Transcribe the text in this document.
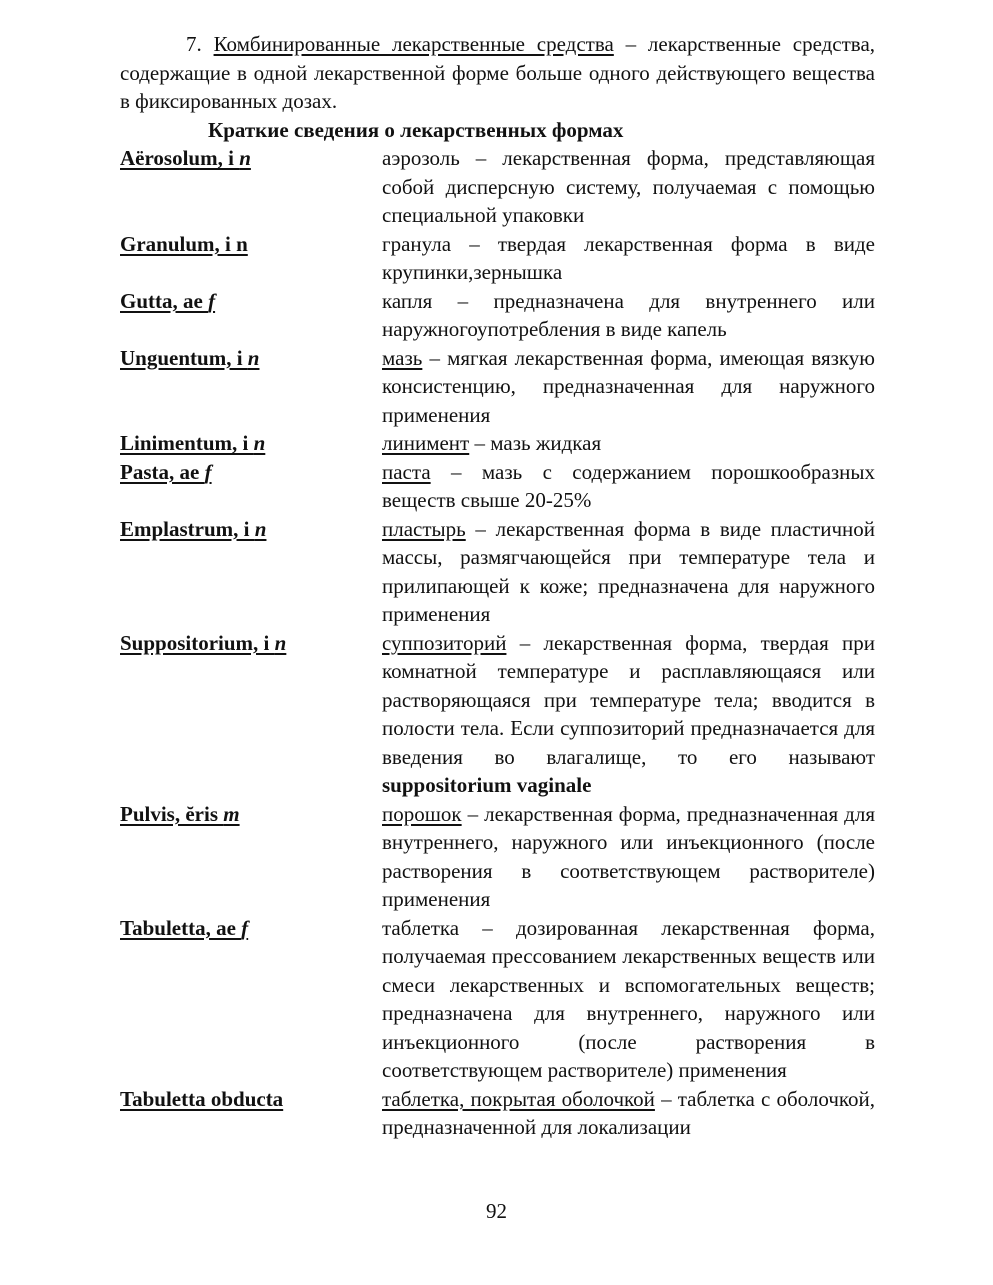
7. Комбинированные лекарственные средства – лекарственные средства, содержащие в одной лекарственной форме больше одного действующего вещества в фиксированных дозах.

Краткие сведения о лекарственных формах

Aërosolum, i n	аэрозоль – лекарственная форма, представляющая собой дисперсную систему, получаемая с помощью специальной упаковки
Granulum, i n	гранула – твердая лекарственная форма в виде крупинки,зернышка
Gutta, ae f	капля – предназначена для внутреннего или наружногоупотребления в виде капель
Unguentum, i n	мазь – мягкая лекарственная форма, имеющая вязкую консистенцию, предназначенная для наружного применения
Linimentum, i n	линимент – мазь жидкая
Pasta, ae f	паста – мазь с содержанием порошкообразных веществ свыше 20-25%
Emplastrum, i n	пластырь – лекарственная форма в виде пластичной массы, размягчающейся при температуре тела и прилипающей к коже; предназначена для наружного применения
Suppositorium, i n	суппозиторий – лекарственная форма, твердая при комнатной температуре и расплавляющаяся или растворяющаяся при температуре тела; вводится в полости тела. Если суппозиторий предназначается для введения во влагалище, то его называют suppositorium vaginale
Pulvis, ĕris m	порошок – лекарственная форма, предназначенная для внутреннего, наружного или инъекционного (после растворения в соответствующем растворителе) применения
Tabuletta, ae f	таблетка – дозированная лекарственная форма, получаемая прессованием лекарственных веществ или смеси лекарственных и вспомогательных веществ; предназначена для внутреннего, наружного или инъекционного (после растворения в соответствующем растворителе) применения
Tabuletta obducta	таблетка, покрытая оболочкой – таблетка с оболочкой, предназначенной для локализации
92
